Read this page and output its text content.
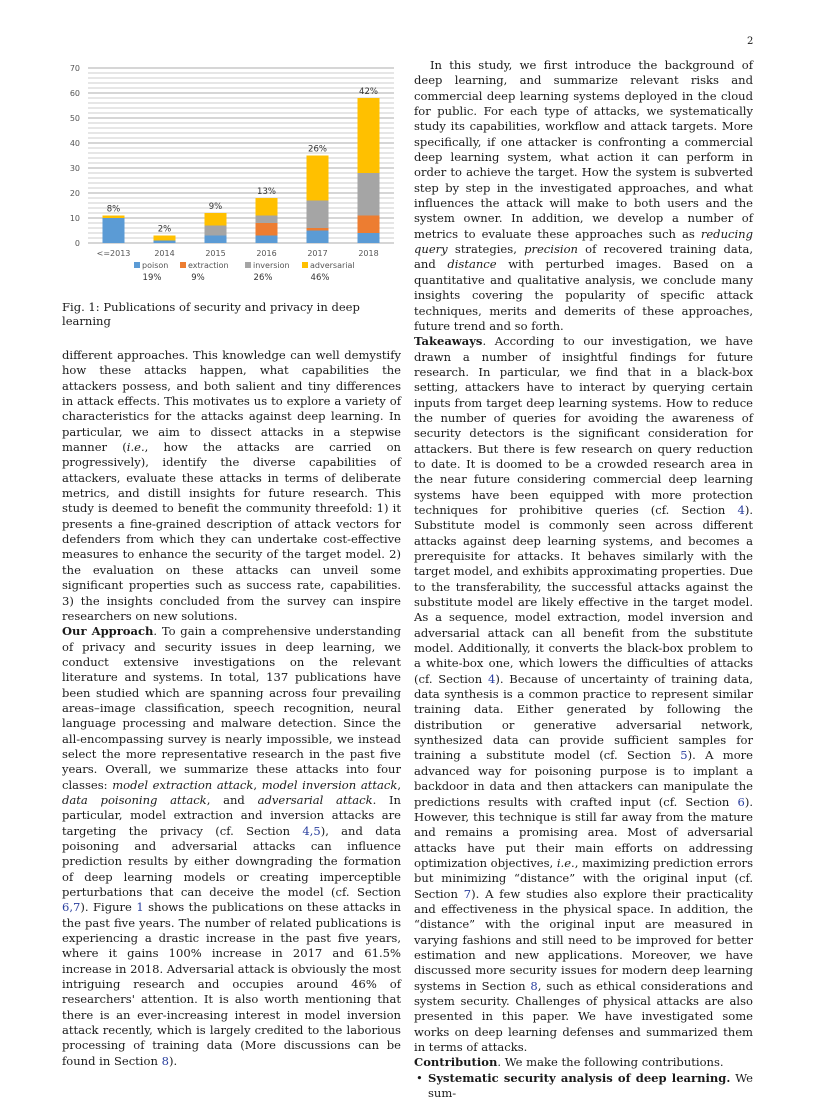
2
0
10
20
30
40
50
60
70
<=2013
8%
2014
2%
2015
9%
2016
13%
2017
26%
2018
42%
poison
19%
extraction
9%
inversion
26%
adversarial
46%
Fig. 1: Publications of security and privacy in deep learning

different approaches. This knowledge can well demystify how these attacks happen, what capabilities the attackers possess, and both salient and tiny differences in attack effects. This motivates us to explore a variety of characteristics for the attacks against deep learning. In particular, we aim to dissect attacks in a stepwise manner (i.e., how the attacks are carried on progressively), identify the diverse capabilities of attackers, evaluate these attacks in terms of deliberate metrics, and distill insights for future research. This study is deemed to benefit the community threefold: 1) it presents a fine-grained description of attack vectors for defenders from which they can undertake cost-effective measures to enhance the security of the target model. 2) the evaluation on these attacks can unveil some significant properties such as success rate, capabilities. 3) the insights concluded from the survey can inspire researchers on new solutions.

Our Approach. To gain a comprehensive understanding of privacy and security issues in deep learning, we conduct extensive investigations on the relevant literature and systems. In total, 137 publications have been studied which are spanning across four prevailing areas–image classification, speech recognition, neural language processing and malware detection. Since the all-encompassing survey is nearly impossible, we instead select the more representative research in the past five years. Overall, we summarize these attacks into four classes: model extraction attack, model inversion attack, data poisoning attack, and adversarial attack. In particular, model extraction and inversion attacks are targeting the privacy (cf. Section 4,5), and data poisoning and adversarial attacks can influence prediction results by either downgrading the formation of deep learning models or creating imperceptible perturbations that can deceive the model (cf. Section 6,7). Figure 1 shows the publications on these attacks in the past five years. The number of related publications is experiencing a drastic increase in the past five years, where it gains 100% increase in 2017 and 61.5% increase in 2018. Adversarial attack is obviously the most intriguing research and occupies around 46% of researchers' attention. It is also worth mentioning that there is an ever-increasing interest in model inversion attack recently, which is largely credited to the laborious processing of training data (More discussions can be found in Section 8).

In this study, we first introduce the background of deep learning, and summarize relevant risks and commercial deep learning systems deployed in the cloud for public. For each type of attacks, we systematically study its capabilities, workflow and attack targets. More specifically, if one attacker is confronting a commercial deep learning system, what action it can perform in order to achieve the target. How the system is subverted step by step in the investigated approaches, and what influences the attack will make to both users and the system owner. In addition, we develop a number of metrics to evaluate these approaches such as reducing query strategies, precision of recovered training data, and distance with perturbed images. Based on a quantitative and qualitative analysis, we conclude many insights covering the popularity of specific attack techniques, merits and demerits of these approaches, future trend and so forth.

Takeaways. According to our investigation, we have drawn a number of insightful findings for future research. In particular, we find that in a black-box setting, attackers have to interact by querying certain inputs from target deep learning systems. How to reduce the number of queries for avoiding the awareness of security detectors is the significant consideration for attackers. But there is few research on query reduction to date. It is doomed to be a crowded research area in the near future considering commercial deep learning systems have been equipped with more protection techniques for prohibitive queries (cf. Section 4). Substitute model is commonly seen across different attacks against deep learning systems, and becomes a prerequisite for attacks. It behaves similarly with the target model, and exhibits approximating properties. Due to the transferability, the successful attacks against the substitute model are likely effective in the target model. As a sequence, model extraction, model inversion and adversarial attack can all benefit from the substitute model. Additionally, it converts the black-box problem to a white-box one, which lowers the difficulties of attacks (cf. Section 4). Because of uncertainty of training data, data synthesis is a common practice to represent similar training data. Either generated by following the distribution or generative adversarial network, synthesized data can provide sufficient samples for training a substitute model (cf. Section 5). A more advanced way for poisoning purpose is to implant a backdoor in data and then attackers can manipulate the predictions results with crafted input (cf. Section 6). However, this technique is still far away from the mature and remains a promising area. Most of adversarial attacks have put their main efforts on addressing optimization objectives, i.e., maximizing prediction errors but minimizing “distance” with the original input (cf. Section 7). A few studies also explore their practicality and effectiveness in the physical space. In addition, the “distance” with the original input are measured in varying fashions and still need to be improved for better estimation and new applications. Moreover, we have discussed more security issues for modern deep learning systems in Section 8, such as ethical considerations and system security. Challenges of physical attacks are also presented in this paper. We have investigated some works on deep learning defenses and summarized them in terms of attacks.

Contribution. We make the following contributions.

• Systematic security analysis of deep learning. We sum-
